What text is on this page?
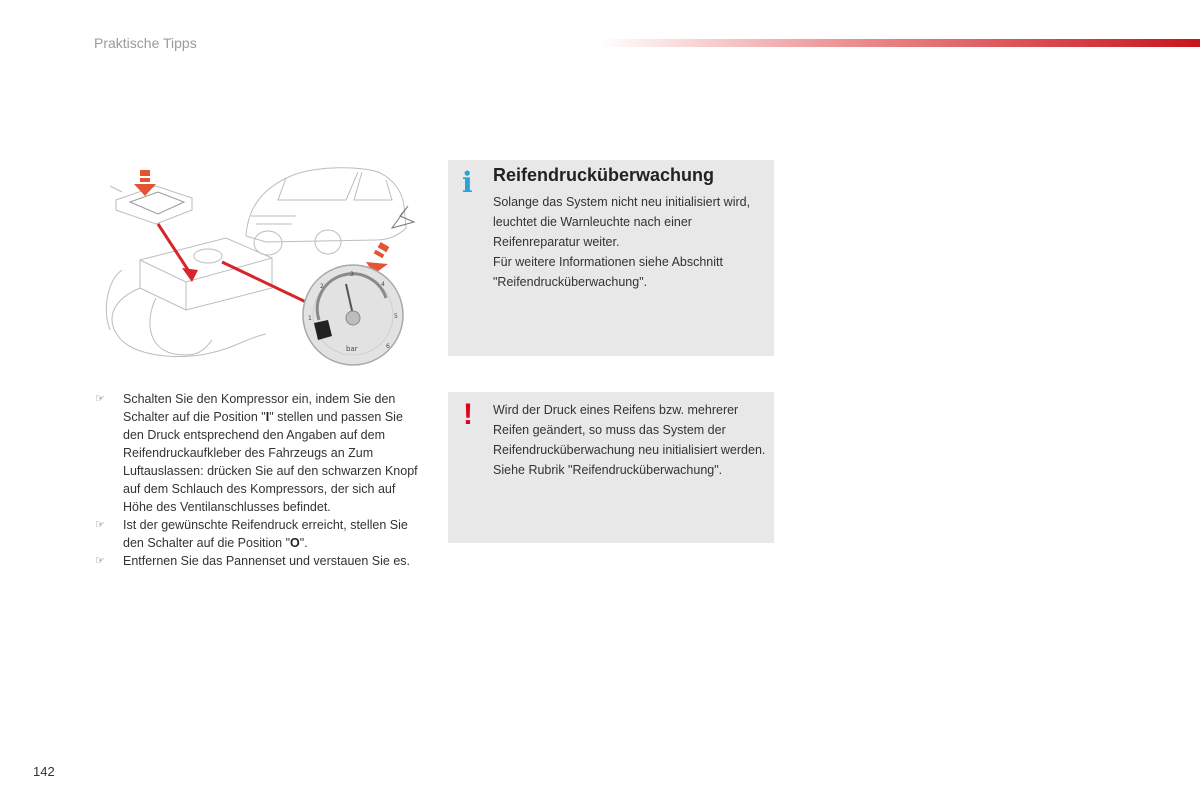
Praktische Tipps
1
2
3
4
5
6
bar

☞ Schalten Sie den Kompressor ein, indem Sie den Schalter auf die Position "I" stellen und passen Sie den Druck entsprechend den Angaben auf dem Reifendruckaufkleber des Fahrzeugs an Zum Luftauslassen: drücken Sie auf den schwarzen Knopf auf dem Schlauch des Kompressors, der sich auf Höhe des Ventilanschlusses befindet.

☞ Ist der gewünschte Reifendruck erreicht, stellen Sie den Schalter auf die Position "O".

☞ Entfernen Sie das Pannenset und verstauen Sie es.

i Reifendrucküberwachung

Solange das System nicht neu initialisiert wird, leuchtet die Warnleuchte nach einer Reifenreparatur weiter.

Für weitere Informationen siehe Abschnitt "Reifendrucküberwachung".

! Wird der Druck eines Reifens bzw. mehrerer Reifen geändert, so muss das System der Reifendrucküberwachung neu initialisiert werden.

Siehe Rubrik "Reifendrucküberwachung".

142
